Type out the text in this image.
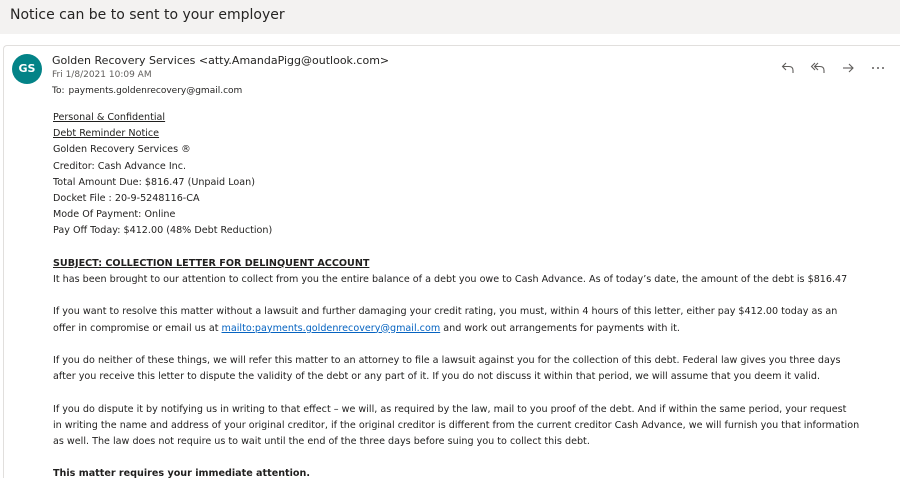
Notice can be to sent to your employer
GS
Golden Recovery Services <atty.AmandaPigg@outlook.com>
Fri 1/8/2021 10:09 AM
To: payments.goldenrecovery@gmail.com
Personal & Confidential
Debt Reminder Notice
Golden Recovery Services ®
Creditor: Cash Advance Inc.
Total Amount Due: $816.47 (Unpaid Loan)
Docket File : 20-9-5248116-CA
Mode Of Payment: Online
Pay Off Today: $412.00 (48% Debt Reduction)
SUBJECT: COLLECTION LETTER FOR DELINQUENT ACCOUNT
It has been brought to our attention to collect from you the entire balance of a debt you owe to Cash Advance. As of today’s date, the amount of the debt is $816.47
If you want to resolve this matter without a lawsuit and further damaging your credit rating, you must, within 4 hours of this letter, either pay $412.00 today as an
offer in compromise or email us at mailto:payments.goldenrecovery@gmail.com and work out arrangements for payments with it.
If you do neither of these things, we will refer this matter to an attorney to file a lawsuit against you for the collection of this debt. Federal law gives you three days
after you receive this letter to dispute the validity of the debt or any part of it. If you do not discuss it within that period, we will assume that you deem it valid.
If you do dispute it by notifying us in writing to that effect – we will, as required by the law, mail to you proof of the debt. And if within the same period, your request
in writing the name and address of your original creditor, if the original creditor is different from the current creditor Cash Advance, we will furnish you that information
as well. The law does not require us to wait until the end of the three days before suing you to collect this debt.
This matter requires your immediate attention.
